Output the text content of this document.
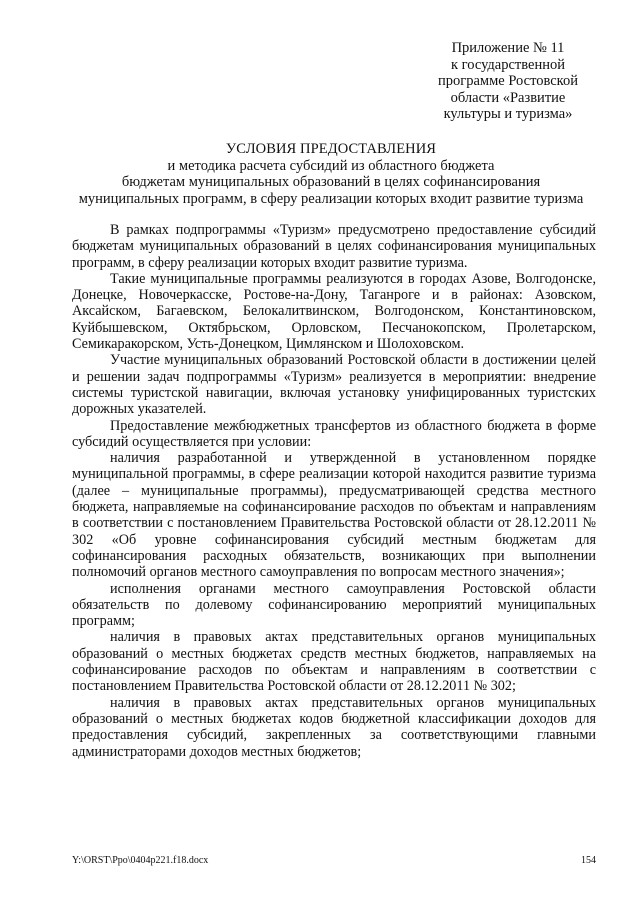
Приложение № 11
к государственной
программе Ростовской
области «Развитие
культуры и туризма»
УСЛОВИЯ ПРЕДОСТАВЛЕНИЯ
и методика расчета субсидий из областного бюджета
бюджетам муниципальных образований в целях софинансирования
муниципальных программ, в сферу реализации которых входит развитие туризма

В рамках подпрограммы «Туризм» предусмотрено предоставление субсидий бюджетам муниципальных образований в целях софинансирования муниципальных программ, в сферу реализации которых входит развитие туризма.

Такие муниципальные программы реализуются в городах Азове, Волгодонске, Донецке, Новочеркасске, Ростове-на-Дону, Таганроге и в районах: Азовском, Аксайском, Багаевском, Белокалитвинском, Волгодонском, Константиновском, Куйбышевском, Октябрьском, Орловском, Песчанокопском, Пролетарском, Семикаракорском, Усть-Донецком, Цимлянском и Шолоховском.

Участие муниципальных образований Ростовской области в достижении целей и решении задач подпрограммы «Туризм» реализуется в мероприятии: внедрение системы туристской навигации, включая установку унифицированных туристских дорожных указателей.

Предоставление межбюджетных трансфертов из областного бюджета в форме субсидий осуществляется при условии:

наличия разработанной и утвержденной в установленном порядке муниципальной программы, в сфере реализации которой находится развитие туризма (далее – муниципальные программы), предусматривающей средства местного бюджета, направляемые на софинансирование расходов по объектам и направлениям в соответствии с постановлением Правительства Ростовской области от 28.12.2011 № 302 «Об уровне софинансирования субсидий местным бюджетам для софинансирования расходных обязательств, возникающих при выполнении полномочий органов местного самоуправления по вопросам местного значения»;

исполнения органами местного самоуправления Ростовской области обязательств по долевому софинансированию мероприятий муниципальных программ;

наличия в правовых актах представительных органов муниципальных образований о местных бюджетах средств местных бюджетов, направляемых на софинансирование расходов по объектам и направлениям в соответствии с постановлением Правительства Ростовской области от 28.12.2011 № 302;

наличия в правовых актах представительных органов муниципальных образований о местных бюджетах кодов бюджетной классификации доходов для предоставления субсидий, закрепленных за соответствующими главными администраторами доходов местных бюджетов;

Y:\ORST\Ppo\0404p221.f18.docx	154
